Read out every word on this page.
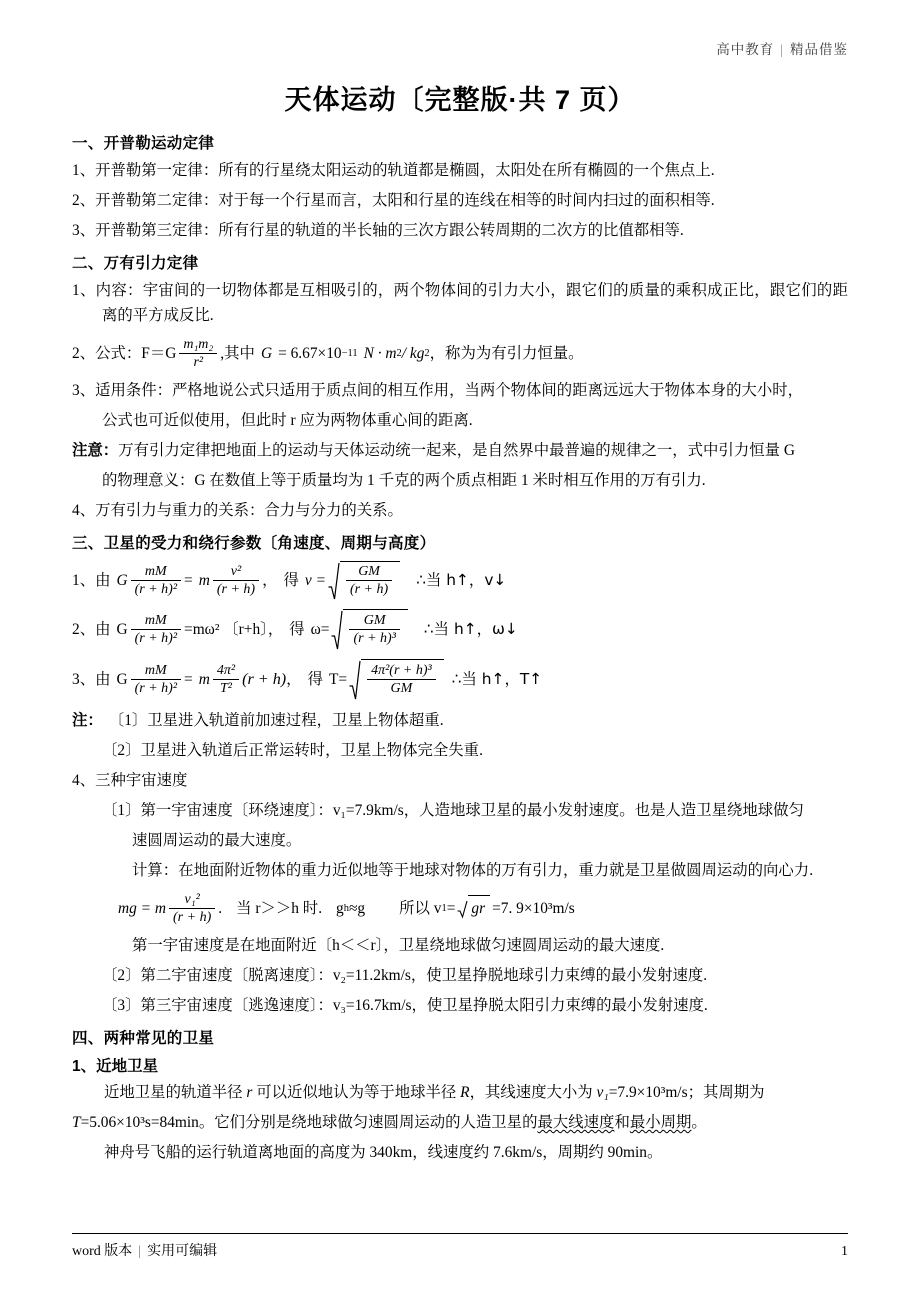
高中教育 | 精品借鉴
天体运动〔完整版·共 7 页）
一、开普勒运动定律

1、开普勒第一定律：所有的行星绕太阳运动的轨道都是椭圆，太阳处在所有椭圆的一个焦点上.

2、开普勒第二定律：对于每一个行星而言，太阳和行星的连线在相等的时间内扫过的面积相等.

3、开普勒第三定律：所有行星的轨道的半长轴的三次方跟公转周期的二次方的比值都相等.

二、万有引力定律

1、内容：宇宙间的一切物体都是互相吸引的，两个物体间的引力大小，跟它们的质量的乘积成正比，跟它们的距离的平方成反比.

2、公式：$F=G \frac{\text{m₁m₂}}{\text{r²}}$ ,其中 G = 6.67×10 −11 N · m 2 / kg 2 ，称为为有引力恒量。

3、适用条件：严格地说公式只适用于质点间的相互作用，当两个物体间的距离远远大于物体本身的大小时，

公式也可近似使用，但此时 r 应为两物体重心间的距离.

注意：万有引力定律把地面上的运动与天体运动统一起来，是自然界中最普遍的规律之一，式中引力恒量 G

的物理意义：G 在数值上等于质量均为 1 千克的两个质点相距 1 米时相互作用的万有引力.

4、万有引力与重力的关系：合力与分力的关系。

三、卫星的受力和绕行参数〔角速度、周期与高度）
1、由 G $\frac{mM}{\text{(r + h)²}} = m \frac{\text{v²}}{(r + h)}$ ， 得 $v = \frac{GM}{(r + h)}$ ∴当 h↑，v↓
2、由 G $\frac{mM}{\text{(r + h)²}} =m\omega^2$ 〔r+h〕， 得 $\omega= \frac{GM}{\text{(r + h)³}}$ ∴当 h↑，ω↓
3、由 G $\frac{mM}{\text{(r + h)²}} = m \frac{\text{4π²}}{\text{T²}} (r + h)$ ， 得 $T= \frac{\text{4π²(r + h)³}}{GM}$ ∴当 h↑，T↑

注： 〔1〕卫星进入轨道前加速过程，卫星上物体超重.

〔2〕卫星进入轨道后正常运转时，卫星上物体完全失重.

4、三种宇宙速度

〔1〕第一宇宙速度〔环绕速度〕：v₁=7.9km/s，人造地球卫星的最小发射速度。也是人造卫星绕地球做匀

速圆周运动的最大速度。

计算：在地面附近物体的重力近似地等于地球对物体的万有引力，重力就是卫星做圆周运动的向心力.

mg = m $\frac{\text{v₁²}}{(r + h)}$ . 当 r＞＞h 时. g h ≈g 所以 v 1 = gr =7. 9×10³m/s

第一宇宙速度是在地面附近〔h＜＜r〕，卫星绕地球做匀速圆周运动的最大速度.

〔2〕第二宇宙速度〔脱离速度〕：v₂=11.2km/s，使卫星挣脱地球引力束缚的最小发射速度.

〔3〕第三宇宙速度〔逃逸速度〕：v₃=16.7km/s，使卫星挣脱太阳引力束缚的最小发射速度.

四、两种常见的卫星
1、近地卫星

近地卫星的轨道半径 r 可以近似地认为等于地球半径 R，其线速度大小为 v₁=7.9×10³m/s；其周期为

T=5.06×10³s=84min。它们分别是绕地球做匀速圆周运动的人造卫星的最大线速度和最小周期。

神舟号飞船的运行轨道离地面的高度为 340km，线速度约 7.6km/s，周期约 90min。

word 版本 | 实用可编辑	1
